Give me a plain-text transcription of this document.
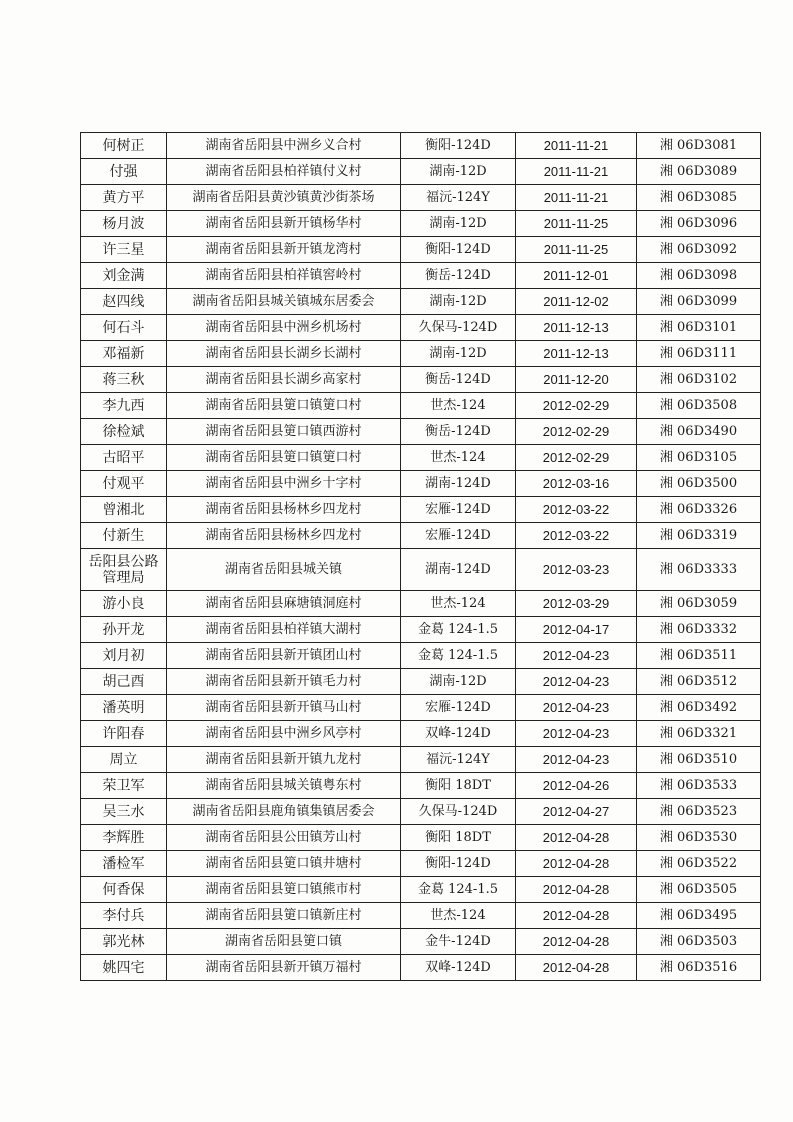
何树正	湖南省岳阳县中洲乡义合村	衡阳-124D	2011-11-21	湘 06D3081
付强	湖南省岳阳县柏祥镇付义村	湖南-12D	2011-11-21	湘 06D3089
黄方平	湖南省岳阳县黄沙镇黄沙街茶场	福沅-124Y	2011-11-21	湘 06D3085
杨月波	湖南省岳阳县新开镇杨华村	湖南-12D	2011-11-25	湘 06D3096
许三星	湖南省岳阳县新开镇龙湾村	衡阳-124D	2011-11-25	湘 06D3092
刘金满	湖南省岳阳县柏祥镇窖岭村	衡岳-124D	2011-12-01	湘 06D3098
赵四线	湖南省岳阳县城关镇城东居委会	湖南-12D	2011-12-02	湘 06D3099
何石斗	湖南省岳阳县中洲乡机场村	久保马-124D	2011-12-13	湘 06D3101
邓福新	湖南省岳阳县长湖乡长湖村	湖南-12D	2011-12-13	湘 06D3111
蒋三秋	湖南省岳阳县长湖乡高家村	衡岳-124D	2011-12-20	湘 06D3102
李九西	湖南省岳阳县筻口镇筻口村	世杰-124	2012-02-29	湘 06D3508
徐检斌	湖南省岳阳县筻口镇西游村	衡岳-124D	2012-02-29	湘 06D3490
古昭平	湖南省岳阳县筻口镇筻口村	世杰-124	2012-02-29	湘 06D3105
付观平	湖南省岳阳县中洲乡十字村	湖南-124D	2012-03-16	湘 06D3500
曾湘北	湖南省岳阳县杨林乡四龙村	宏雁-124D	2012-03-22	湘 06D3326
付新生	湖南省岳阳县杨林乡四龙村	宏雁-124D	2012-03-22	湘 06D3319
岳阳县公路管理局	湖南省岳阳县城关镇	湖南-124D	2012-03-23	湘 06D3333
游小良	湖南省岳阳县麻塘镇洞庭村	世杰-124	2012-03-29	湘 06D3059
孙开龙	湖南省岳阳县柏祥镇大湖村	金葛 124-1.5	2012-04-17	湘 06D3332
刘月初	湖南省岳阳县新开镇团山村	金葛 124-1.5	2012-04-23	湘 06D3511
胡己酉	湖南省岳阳县新开镇毛力村	湖南-12D	2012-04-23	湘 06D3512
潘英明	湖南省岳阳县新开镇马山村	宏雁-124D	2012-04-23	湘 06D3492
许阳春	湖南省岳阳县中洲乡风亭村	双峰-124D	2012-04-23	湘 06D3321
周立	湖南省岳阳县新开镇九龙村	福沅-124Y	2012-04-23	湘 06D3510
荣卫军	湖南省岳阳县城关镇粤东村	衡阳 18DT	2012-04-26	湘 06D3533
吴三水	湖南省岳阳县鹿角镇集镇居委会	久保马-124D	2012-04-27	湘 06D3523
李辉胜	湖南省岳阳县公田镇芳山村	衡阳 18DT	2012-04-28	湘 06D3530
潘检军	湖南省岳阳县筻口镇井塘村	衡阳-124D	2012-04-28	湘 06D3522
何香保	湖南省岳阳县筻口镇熊市村	金葛 124-1.5	2012-04-28	湘 06D3505
李付兵	湖南省岳阳县筻口镇新庄村	世杰-124	2012-04-28	湘 06D3495
郭光林	湖南省岳阳县筻口镇	金牛-124D	2012-04-28	湘 06D3503
姚四宅	湖南省岳阳县新开镇万福村	双峰-124D	2012-04-28	湘 06D3516
